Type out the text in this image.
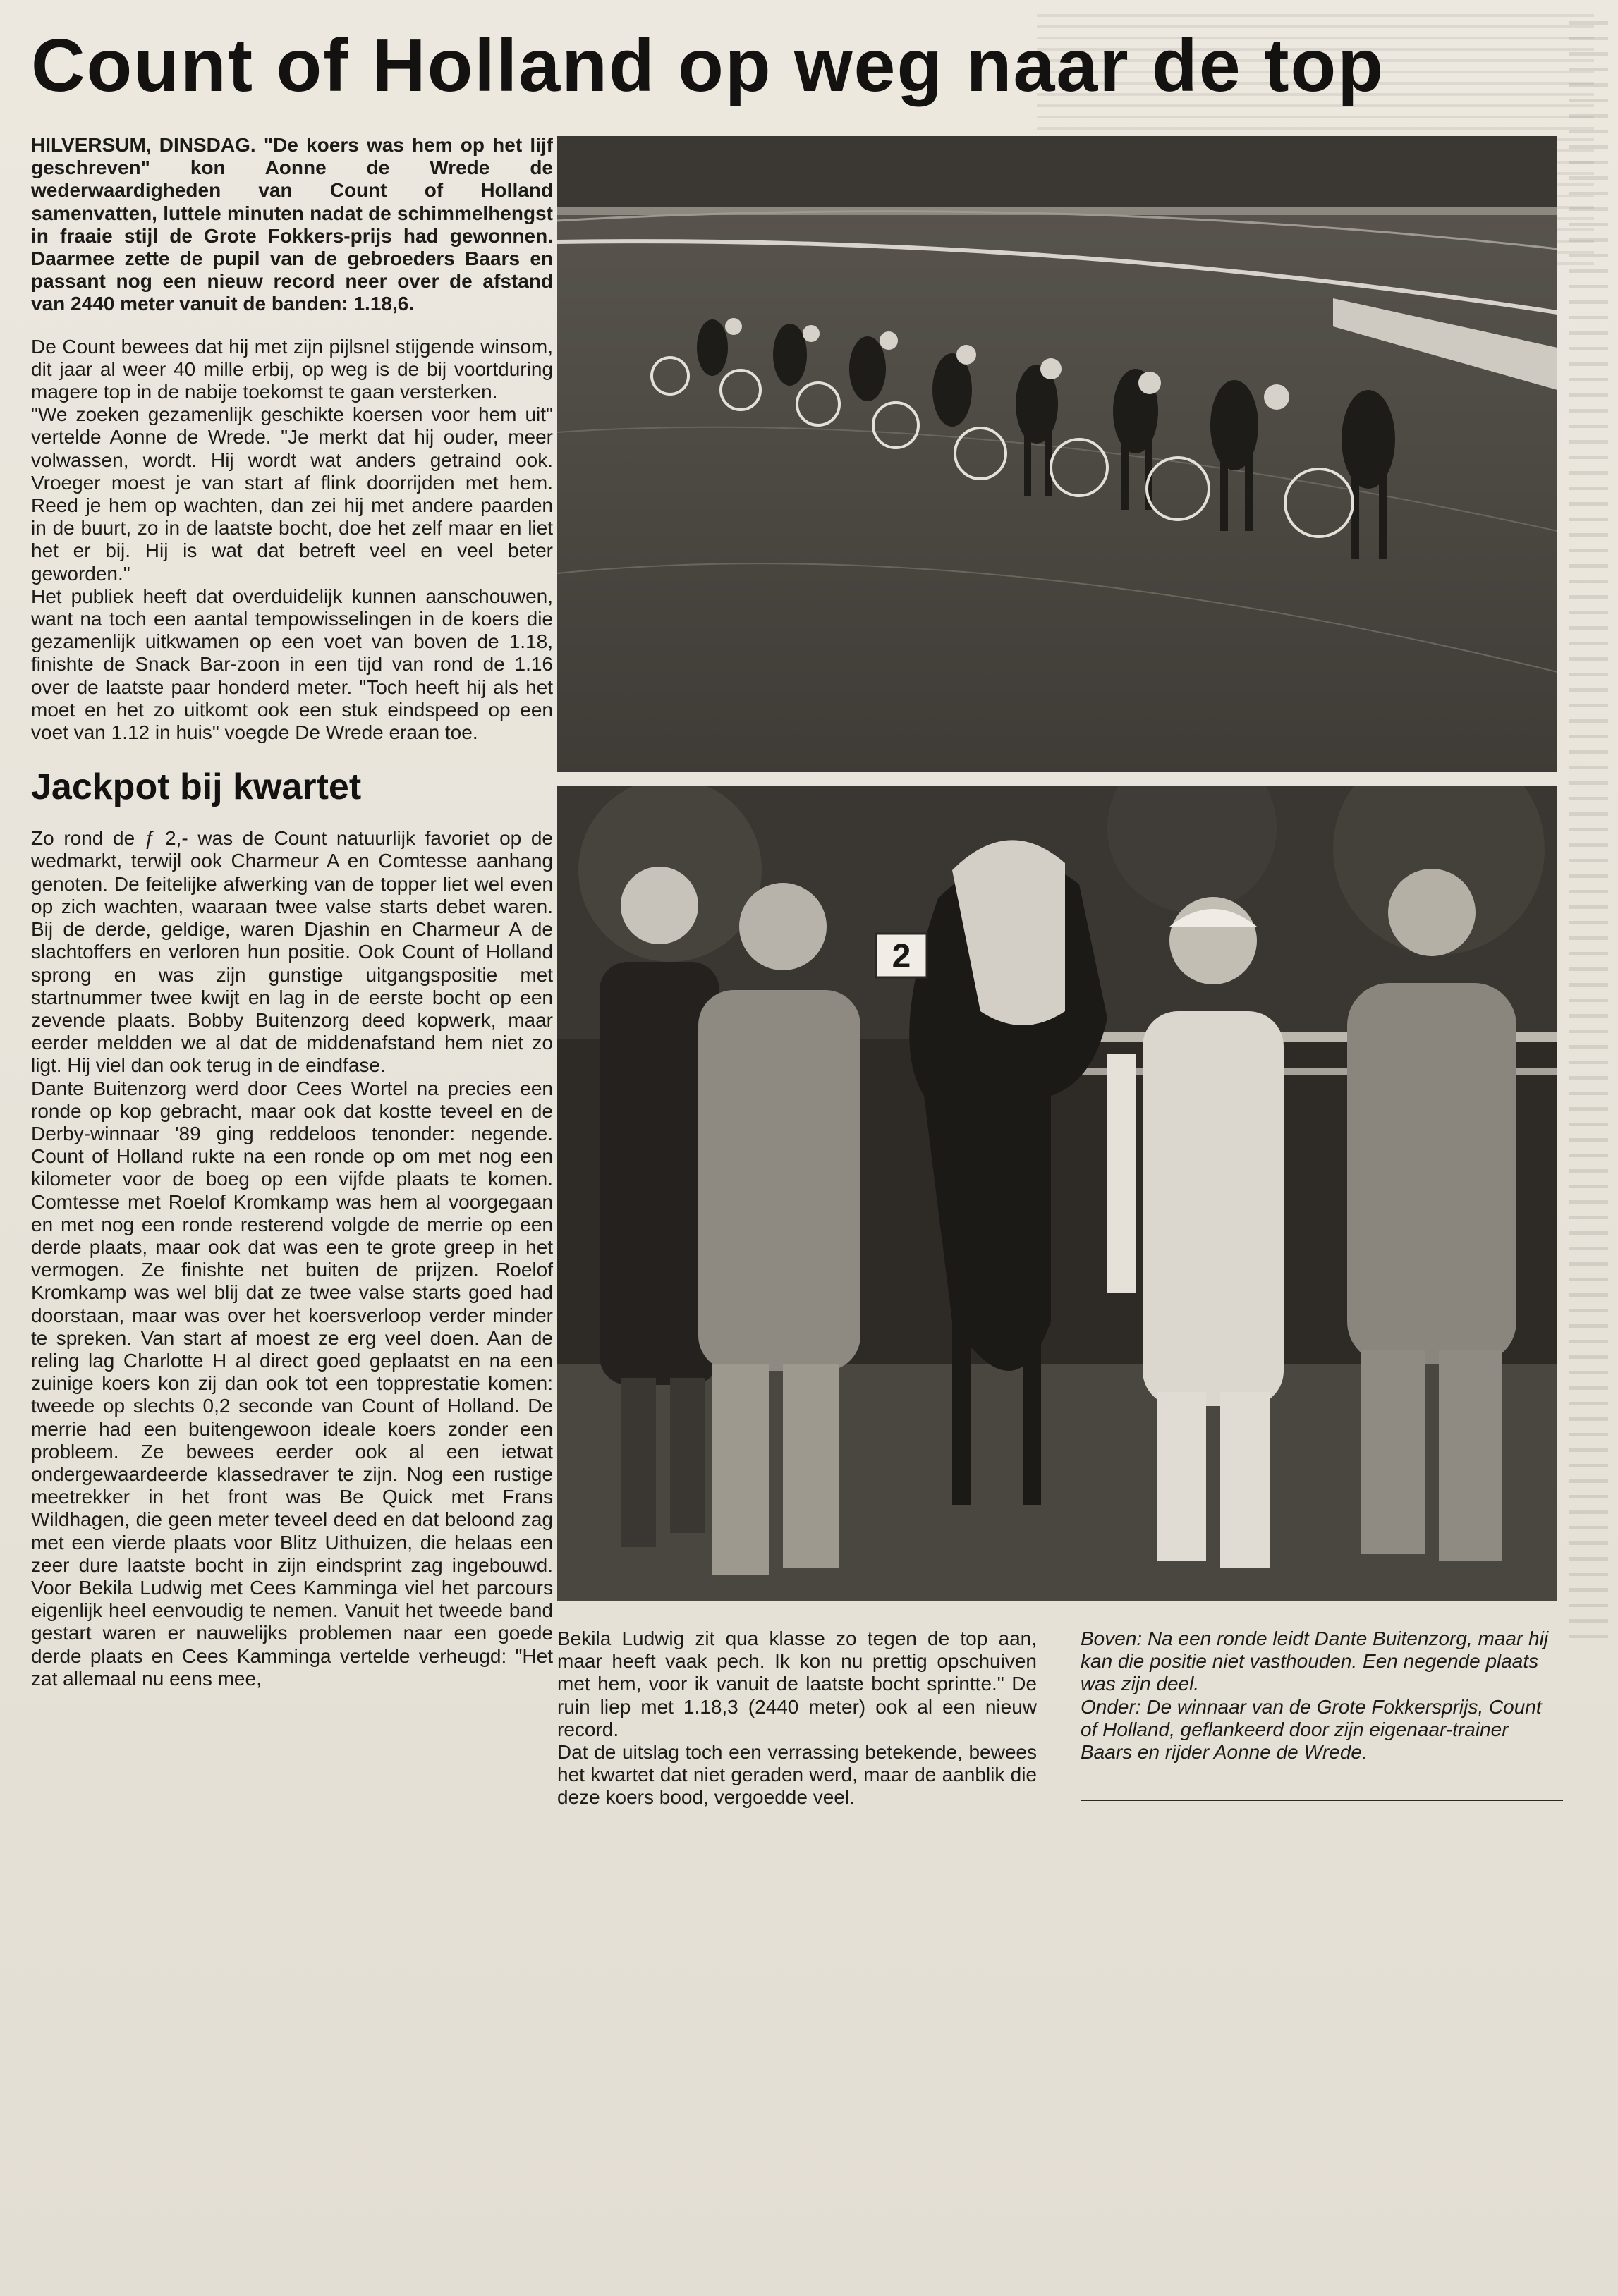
Count of Holland op weg naar de top

HILVERSUM, DINSDAG. "De koers was hem op het lijf geschreven" kon Aonne de Wrede de wederwaardigheden van Count of Holland samenvatten, luttele minuten nadat de schimmelhengst in fraaie stijl de Grote Fokkers-prijs had gewonnen. Daarmee zette de pupil van de gebroeders Baars en passant nog een nieuw record neer over de afstand van 2440 meter vanuit de banden: 1.18,6.

De Count bewees dat hij met zijn pijlsnel stijgende winsom, dit jaar al weer 40 mille erbij, op weg is de bij voortduring magere top in de nabije toekomst te gaan versterken.

"We zoeken gezamenlijk geschikte koersen voor hem uit" vertelde Aonne de Wrede. "Je merkt dat hij ouder, meer volwassen, wordt. Hij wordt wat anders getraind ook. Vroeger moest je van start af flink doorrijden met hem. Reed je hem op wachten, dan zei hij met andere paarden in de buurt, zo in de laatste bocht, doe het zelf maar en liet het er bij. Hij is wat dat betreft veel en veel beter geworden."

Het publiek heeft dat overduidelijk kunnen aanschouwen, want na toch een aantal tempowisselingen in de koers die gezamenlijk uitkwamen op een voet van boven de 1.18, finishte de Snack Bar-zoon in een tijd van rond de 1.16 over de laatste paar honderd meter. "Toch heeft hij als het moet en het zo uitkomt ook een stuk eindspeed op een voet van 1.12 in huis" voegde De Wrede eraan toe.

Jackpot bij kwartet

Zo rond de ƒ 2,- was de Count natuurlijk favoriet op de wedmarkt, terwijl ook Charmeur A en Comtesse aanhang genoten. De feitelijke afwerking van de topper liet wel even op zich wachten, waaraan twee valse starts debet waren. Bij de derde, geldige, waren Djashin en Charmeur A de slachtoffers en verloren hun positie. Ook Count of Holland sprong en was zijn gunstige uitgangspositie met startnummer twee kwijt en lag in de eerste bocht op een zevende plaats. Bobby Buitenzorg deed kopwerk, maar eerder meldden we al dat de middenafstand hem niet zo ligt. Hij viel dan ook terug in de eindfase.

Dante Buitenzorg werd door Cees Wortel na precies een ronde op kop gebracht, maar ook dat kostte teveel en de Derby-winnaar '89 ging reddeloos tenonder: negende. Count of Holland rukte na een ronde op om met nog een kilometer voor de boeg op een vijfde plaats te komen. Comtesse met Roelof Kromkamp was hem al voorgegaan en met nog een ronde resterend volgde de merrie op een derde plaats, maar ook dat was een te grote greep in het vermogen. Ze finishte net buiten de prijzen. Roelof Kromkamp was wel blij dat ze twee valse starts goed had doorstaan, maar was over het koersverloop verder minder te spreken. Van start af moest ze erg veel doen. Aan de reling lag Charlotte H al direct goed geplaatst en na een zuinige koers kon zij dan ook tot een topprestatie komen: tweede op slechts 0,2 seconde van Count of Holland. De merrie had een buitengewoon ideale koers zonder een probleem. Ze bewees eerder ook al een ietwat ondergewaardeerde klassedraver te zijn. Nog een rustige meetrekker in het front was Be Quick met Frans Wildhagen, die geen meter teveel deed en dat beloond zag met een vierde plaats voor Blitz Uithuizen, die helaas een zeer dure laatste bocht in zijn eindsprint zag ingebouwd. Voor Bekila Ludwig met Cees Kamminga viel het parcours eigenlijk heel eenvoudig te nemen. Vanuit het tweede band gestart waren er nauwelijks problemen naar een goede derde plaats en Cees Kamminga vertelde verheugd: "Het zat allemaal nu eens mee,

2

Bekila Ludwig zit qua klasse zo tegen de top aan, maar heeft vaak pech. Ik kon nu prettig opschuiven met hem, voor ik vanuit de laatste bocht sprintte." De ruin liep met 1.18,3 (2440 meter) ook al een nieuw record.

Dat de uitslag toch een verrassing betekende, bewees het kwartet dat niet geraden werd, maar de aanblik die deze koers bood, vergoedde veel.

Boven: Na een ronde leidt Dante Buitenzorg, maar hij kan die positie niet vasthouden. Een negende plaats was zijn deel.

Onder: De winnaar van de Grote Fokkersprijs, Count of Holland, geflankeerd door zijn eigenaar-trainer Baars en rijder Aonne de Wrede.
